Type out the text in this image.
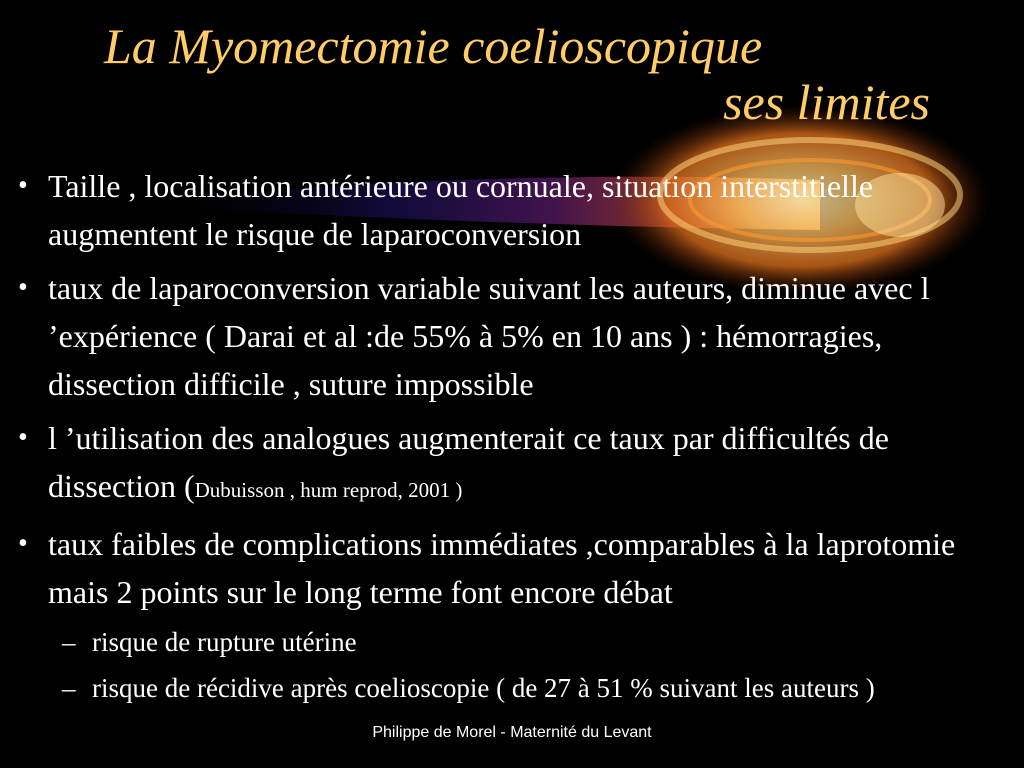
La Myomectomie coelioscopique
ses limites
• Taille , localisation antérieure ou cornuale, situation interstitielle augmentent le risque de laparoconversion
• taux de laparoconversion variable suivant les auteurs, diminue avec l ’expérience ( Darai et al :de 55% à 5% en 10 ans ) : hémorragies, dissection difficile , suture impossible
• l ’utilisation des analogues augmenterait ce taux par difficultés de dissection (Dubuisson , hum reprod, 2001 )
• taux faibles de complications immédiates ,comparables à la laprotomie mais 2 points sur le long terme font encore débat
– risque de rupture utérine
– risque de récidive après coelioscopie ( de 27 à 51 % suivant les auteurs )
Philippe de Morel - Maternité du Levant
